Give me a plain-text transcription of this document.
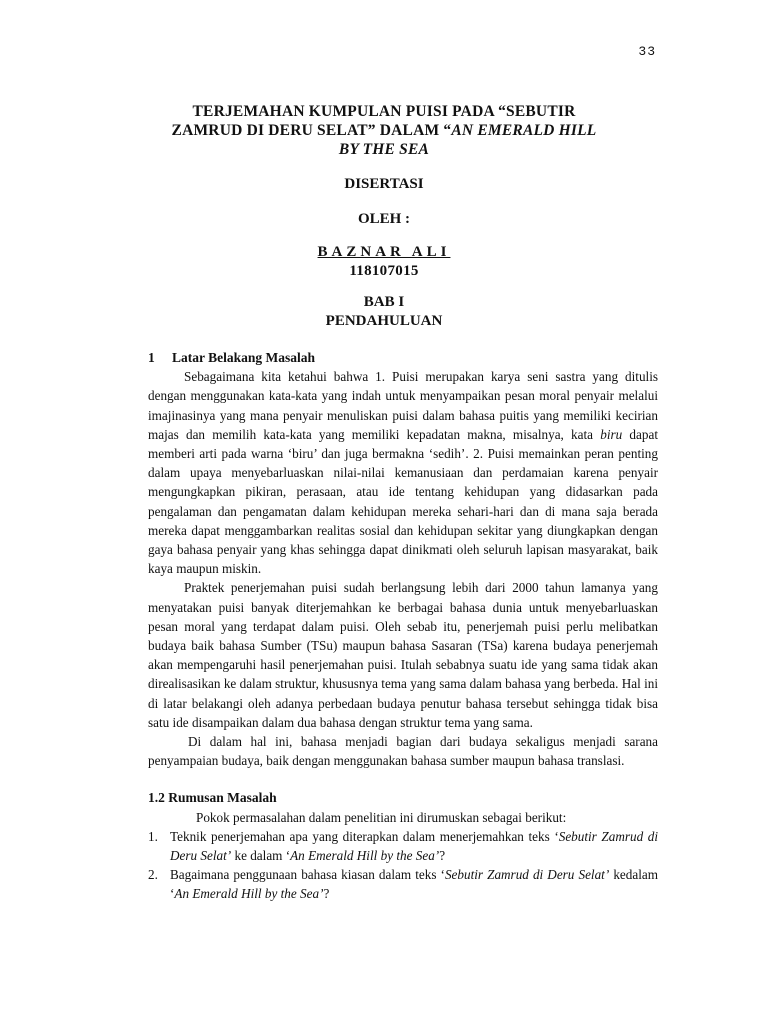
33
TERJEMAHAN KUMPULAN PUISI PADA “SEBUTIR ZAMRUD DI DERU SELAT” DALAM “AN EMERALD HILL BY THE SEA
DISERTASI
OLEH :
BAZNAR ALI
118107015
BAB I
PENDAHULUAN

1 Latar Belakang Masalah

Sebagaimana kita ketahui bahwa 1. Puisi merupakan karya seni sastra yang ditulis dengan menggunakan kata-kata yang indah untuk menyampaikan pesan moral penyair melalui imajinasinya yang mana penyair menuliskan puisi dalam bahasa puitis yang memiliki kecirian majas dan memilih kata-kata yang memiliki kepadatan makna, misalnya, kata biru dapat memberi arti pada warna ‘biru’ dan juga bermakna ‘sedih’. 2. Puisi memainkan peran penting dalam upaya menyebarluaskan nilai-nilai kemanusiaan dan perdamaian karena penyair mengungkapkan pikiran, perasaan, atau ide tentang kehidupan yang didasarkan pada pengalaman dan pengamatan dalam kehidupan mereka sehari-hari dan di mana saja berada mereka dapat menggambarkan realitas sosial dan kehidupan sekitar yang diungkapkan dengan gaya bahasa penyair yang khas sehingga dapat dinikmati oleh seluruh lapisan masyarakat, baik kaya maupun miskin.

Praktek penerjemahan puisi sudah berlangsung lebih dari 2000 tahun lamanya yang menyatakan puisi banyak diterjemahkan ke berbagai bahasa dunia untuk menyebarluaskan pesan moral yang terdapat dalam puisi. Oleh sebab itu, penerjemah puisi perlu melibatkan budaya baik bahasa Sumber (TSu) maupun bahasa Sasaran (TSa) karena budaya penerjemah akan mempengaruhi hasil penerjemahan puisi. Itulah sebabnya suatu ide yang sama tidak akan direalisasikan ke dalam struktur, khususnya tema yang sama dalam bahasa yang berbeda. Hal ini di latar belakangi oleh adanya perbedaan budaya penutur bahasa tersebut sehingga tidak bisa satu ide disampaikan dalam dua bahasa dengan struktur tema yang sama.

Di dalam hal ini, bahasa menjadi bagian dari budaya sekaligus menjadi sarana penyampaian budaya, baik dengan menggunakan bahasa sumber maupun bahasa translasi.

1.2 Rumusan Masalah

Pokok permasalahan dalam penelitian ini dirumuskan sebagai berikut:

1. Teknik penerjemahan apa yang diterapkan dalam menerjemahkan teks ‘Sebutir Zamrud di Deru Selat’ ke dalam ‘An Emerald Hill by the Sea’?
2. Bagaimana penggunaan bahasa kiasan dalam teks ‘Sebutir Zamrud di Deru Selat’ kedalam ‘An Emerald Hill by the Sea’?
